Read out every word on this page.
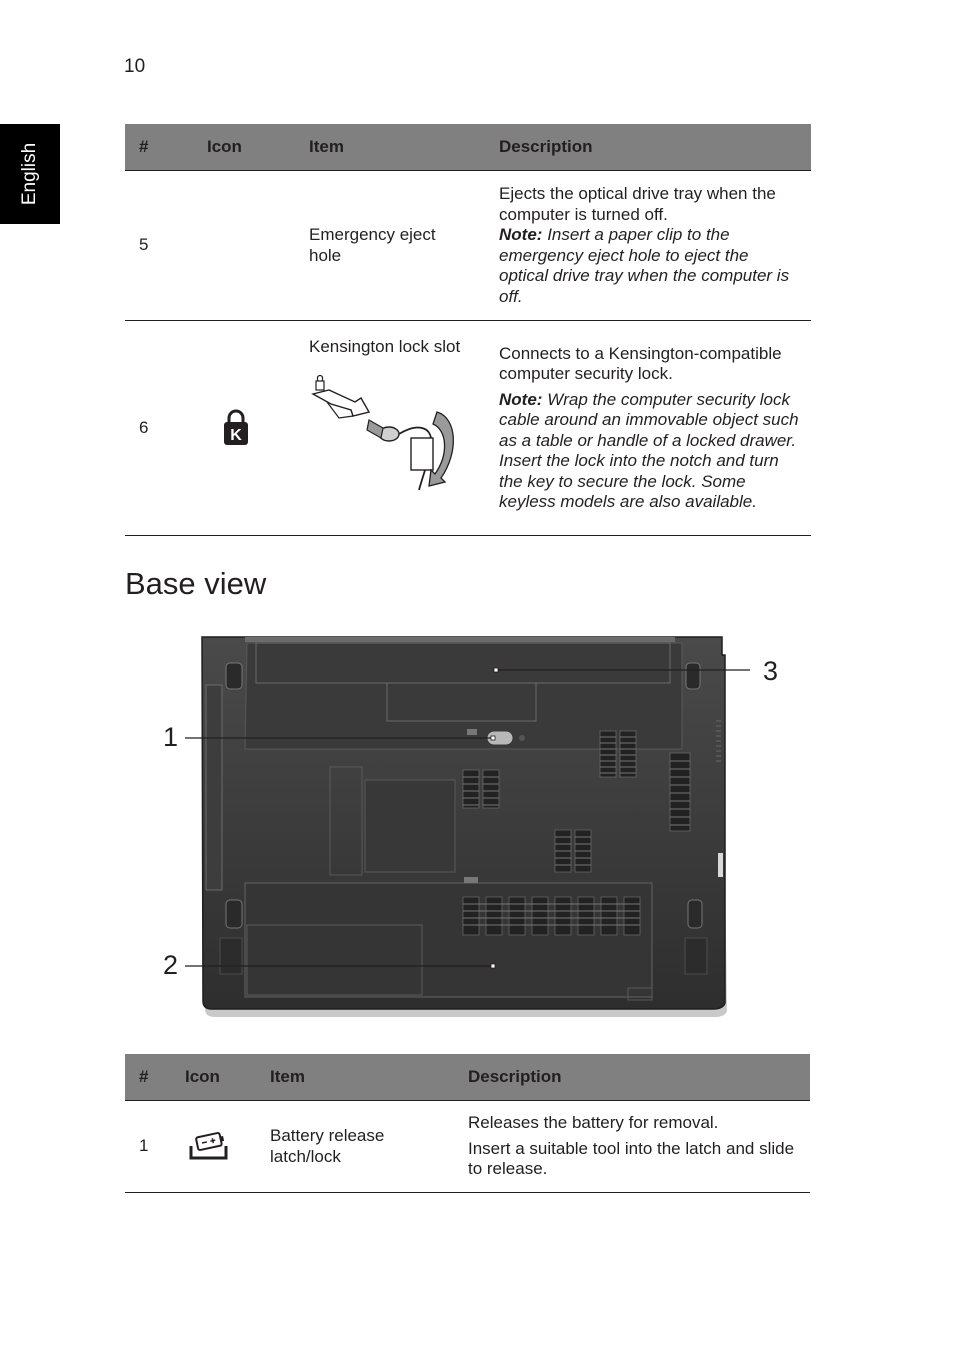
10
English	#	Icon	Item	Description
5		Emergency eject hole	Ejects the optical drive tray when the computer is turned off.

Note: Insert a paper clip to the emergency eject hole to eject the optical drive tray when the computer is off.

6	K	Kensington lock slot	Connects to a Kensington-compatible computer security lock.

Note: Wrap the computer security lock cable around an immovable object such as a table or handle of a locked drawer. Insert the lock into the notch and turn the key to secure the lock. Some keyless models are also available.

Base view
1
2
3
#	Icon	Item	Description
1		Battery release latch/lock	Releases the battery for removal.

Insert a suitable tool into the latch and slide to release.
